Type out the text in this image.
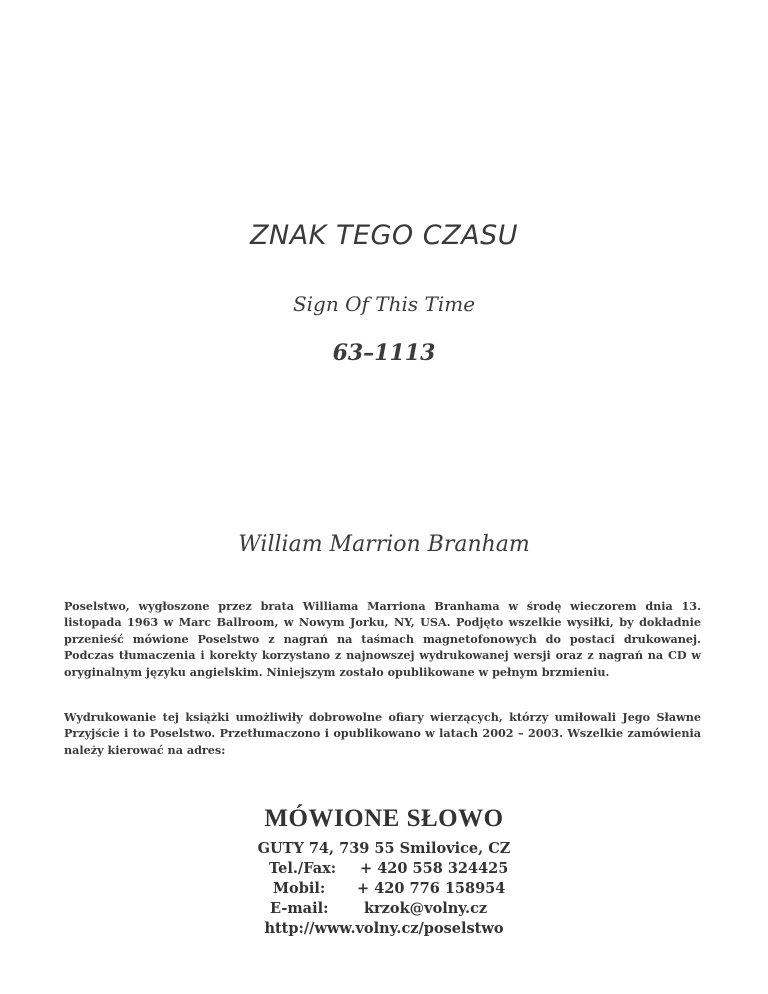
ZNAK TEGO CZASU
Sign Of This Time
63–1113
William Marrion Branham
Poselstwo, wygłoszone przez brata Williama Marriona Branhama w środę wieczorem dnia 13. listopada 1963 w Marc Ballroom, w Nowym Jorku, NY, USA. Podjęto wszelkie wysiłki, by dokładnie przenieść mówione Poselstwo z nagrań na taśmach magnetofonowych do postaci drukowanej. Podczas tłumaczenia i korekty korzystano z najnowszej wydrukowanej wersji oraz z nagrań na CD w oryginalnym języku angielskim. Niniejszym zostało opublikowane w pełnym brzmieniu.
Wydrukowanie tej książki umożliwiły dobrowolne ofiary wierzących, którzy umiłowali Jego Sławne Przyjście i to Poselstwo. Przetłumaczono i opublikowano w latach 2002 – 2003. Wszelkie zamówienia należy kierować na adres:
MÓWIONE SŁOWO
GUTY 74, 739 55 Smilovice, CZ
Tel./Fax: + 420 558 324425
Mobil: + 420 776 158954
E-mail: krzok@volny.cz
http://www.volny.cz/poselstwo
